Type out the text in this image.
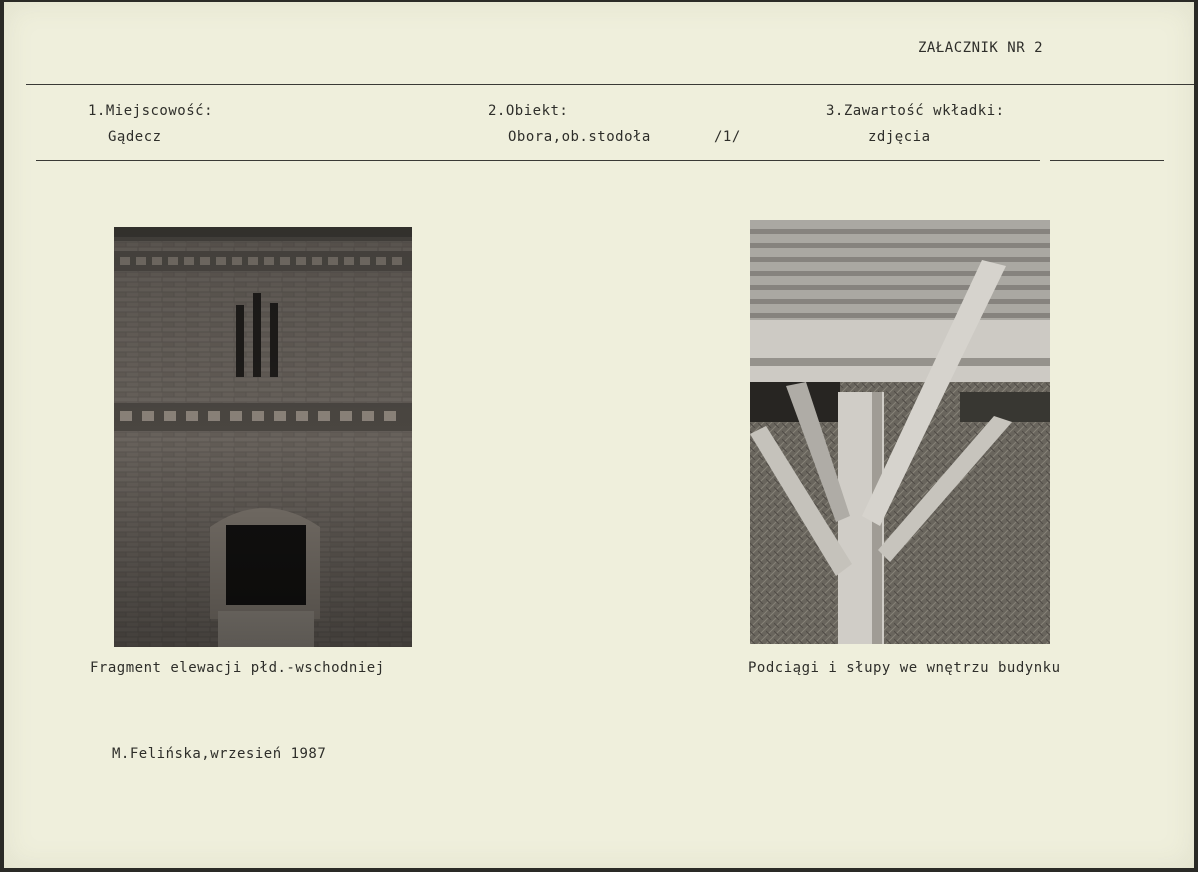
ZAŁACZNIK NR 2
1.Miejscowość:
Gądecz
2.Obiekt:
Obora,ob.stodoła	/1/
3.Zawartość wkładki:
zdjęcia
Fragment elewacji płd.-wschodniej	Podciągi i słupy we wnętrzu budynku
M.Felińska,wrzesień 1987
